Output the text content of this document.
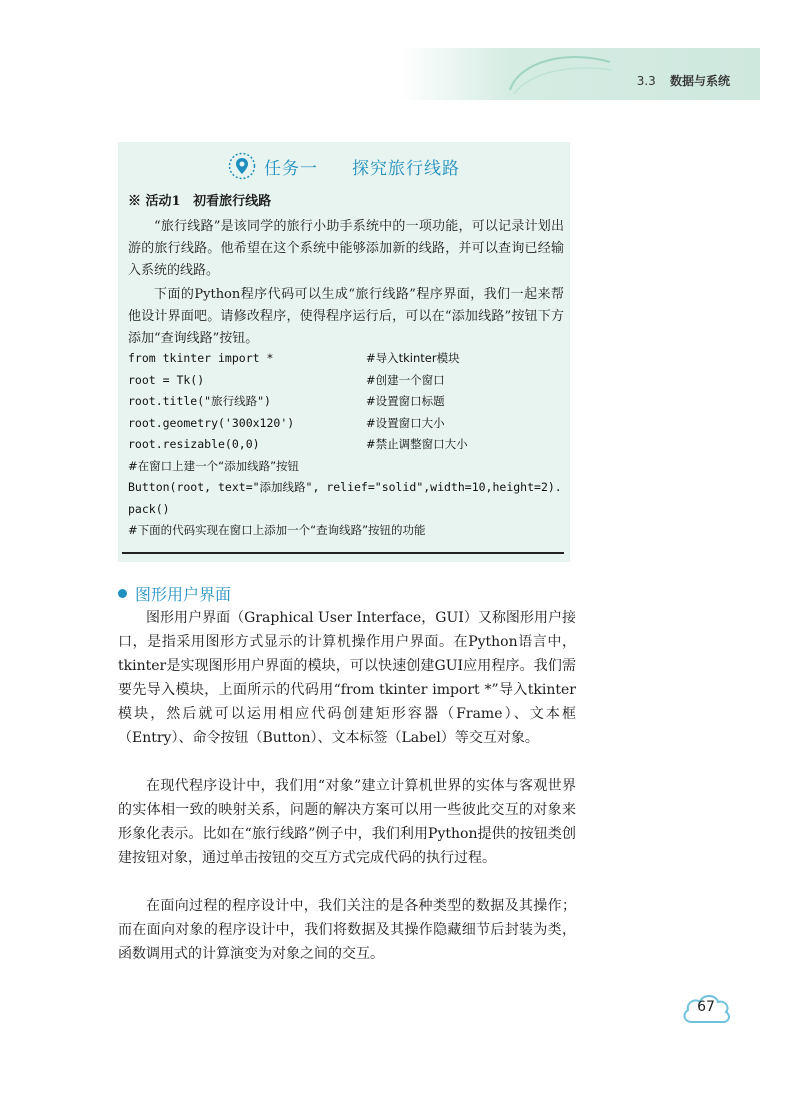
3.3 数据与系统
任务一 探究旅行线路
※ 活动1 初看旅行线路
“旅行线路”是该同学的旅行小助手系统中的一项功能，可以记录计划出游的旅行线路。他希望在这个系统中能够添加新的线路，并可以查询已经输入系统的线路。
下面的Python程序代码可以生成“旅行线路”程序界面，我们一起来帮他设计界面吧。请修改程序，使得程序运行后，可以在“添加线路”按钮下方添加“查询线路”按钮。
from tkinter import *	#导入tkinter模块
root = Tk()	#创建一个窗口
root.title("旅行线路")	#设置窗口标题
root.geometry('300x120')	#设置窗口大小
root.resizable(0,0)	#禁止调整窗口大小
#在窗口上建一个“添加线路”按钮
Button(root, text="添加线路", relief="solid",width=10,height=2).
pack()
#下面的代码实现在窗口上添加一个“查询线路”按钮的功能
图形用户界面
图形用户界面（Graphical User Interface，GUI）又称图形用户接口，是指采用图形方式显示的计算机操作用户界面。在Python语言中，tkinter是实现图形用户界面的模块，可以快速创建GUI应用程序。我们需要先导入模块，上面所示的代码用“from tkinter import *”导入tkinter模块，然后就可以运用相应代码创建矩形容器（Frame）、文本框（Entry）、命令按钮（Button）、文本标签（Label）等交互对象。
在现代程序设计中，我们用“对象”建立计算机世界的实体与客观世界的实体相一致的映射关系，问题的解决方案可以用一些彼此交互的对象来形象化表示。比如在“旅行线路”例子中，我们利用Python提供的按钮类创建按钮对象，通过单击按钮的交互方式完成代码的执行过程。
在面向过程的程序设计中，我们关注的是各种类型的数据及其操作；而在面向对象的程序设计中，我们将数据及其操作隐藏细节后封装为类，函数调用式的计算演变为对象之间的交互。
67
